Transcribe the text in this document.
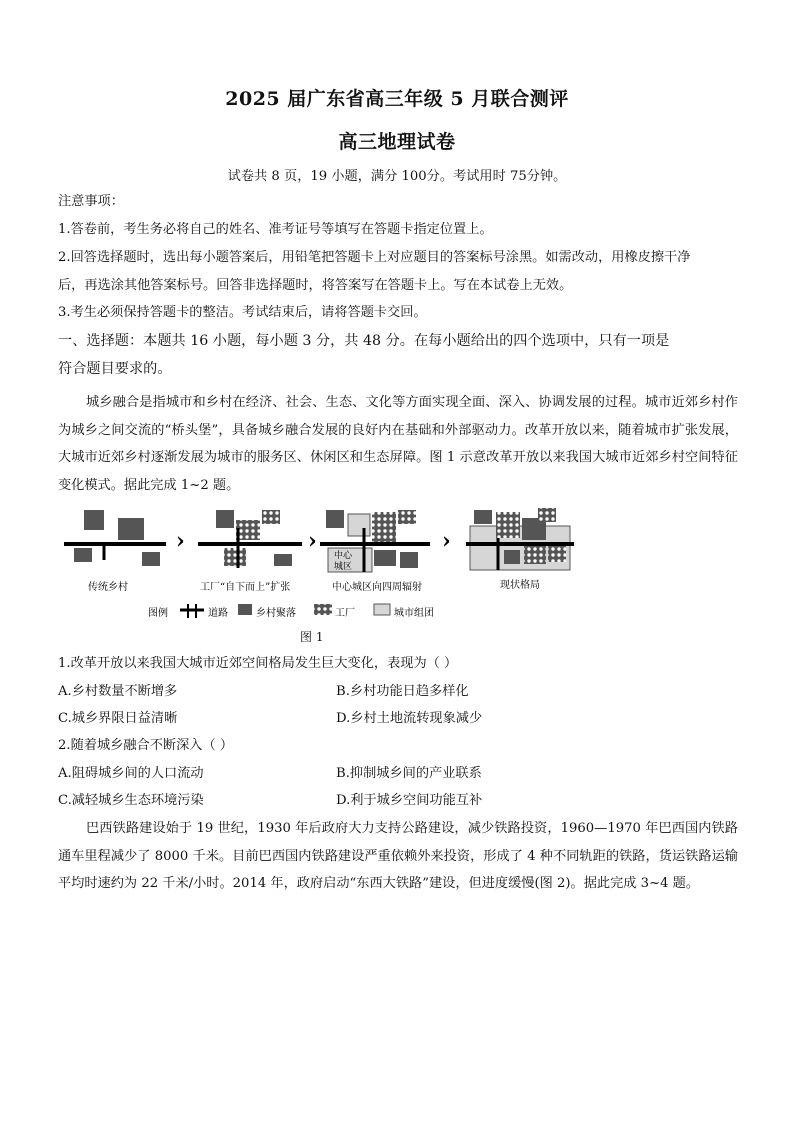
2025 届广东省高三年级 5 月联合测评
高三地理试卷
试卷共 8 页，19 小题，满分 100分。考试用时 75分钟。
注意事项：
1.答卷前，考生务必将自己的姓名、准考证号等填写在答题卡指定位置上。
2.回答选择题时，选出每小题答案后，用铅笔把答题卡上对应题目的答案标号涂黑。如需改动，用橡皮擦干净
后，再选涂其他答案标号。回答非选择题时，将答案写在答题卡上。写在本试卷上无效。
3.考生必须保持答题卡的整洁。考试结束后，请将答题卡交回。
一、选择题：本题共 16 小题，每小题 3 分，共 48 分。在每小题给出的四个选项中，只有一项是
符合题目要求的。
城乡融合是指城市和乡村在经济、社会、生态、文化等方面实现全面、深入、协调发展的过程。城市近郊乡村作为城乡之间交流的“桥头堡”，具备城乡融合发展的良好内在基础和外部驱动力。改革开放以来，随着城市扩张发展，大城市近郊乡村逐渐发展为城市的服务区、休闲区和生态屏障。图 1 示意改革开放以来我国大城市近郊乡村空间特征变化模式。据此完成 1~2 题。
›	›
中心
城区
›
传统乡村	工厂“自下而上”扩张	中心城区向四周辐射	现状格局
图例	道路	乡村聚落	工厂	城市组团
图 1
1.改革开放以来我国大城市近郊空间格局发生巨大变化，表现为（ ）
A.乡村数量不断增多	B.乡村功能日趋多样化
C.城乡界限日益清晰	D.乡村土地流转现象减少
2.随着城乡融合不断深入（ ）
A.阻碍城乡间的人口流动	B.抑制城乡间的产业联系
C.减轻城乡生态环境污染	D.利于城乡空间功能互补
巴西铁路建设始于 19 世纪，1930 年后政府大力支持公路建设，减少铁路投资，1960—1970 年巴西国内铁路通车里程减少了 8000 千米。目前巴西国内铁路建设严重依赖外来投资，形成了 4 种不同轨距的铁路，货运铁路运输平均时速约为 22 千米/小时。2014 年，政府启动“东西大铁路”建设，但进度缓慢(图 2)。据此完成 3~4 题。
